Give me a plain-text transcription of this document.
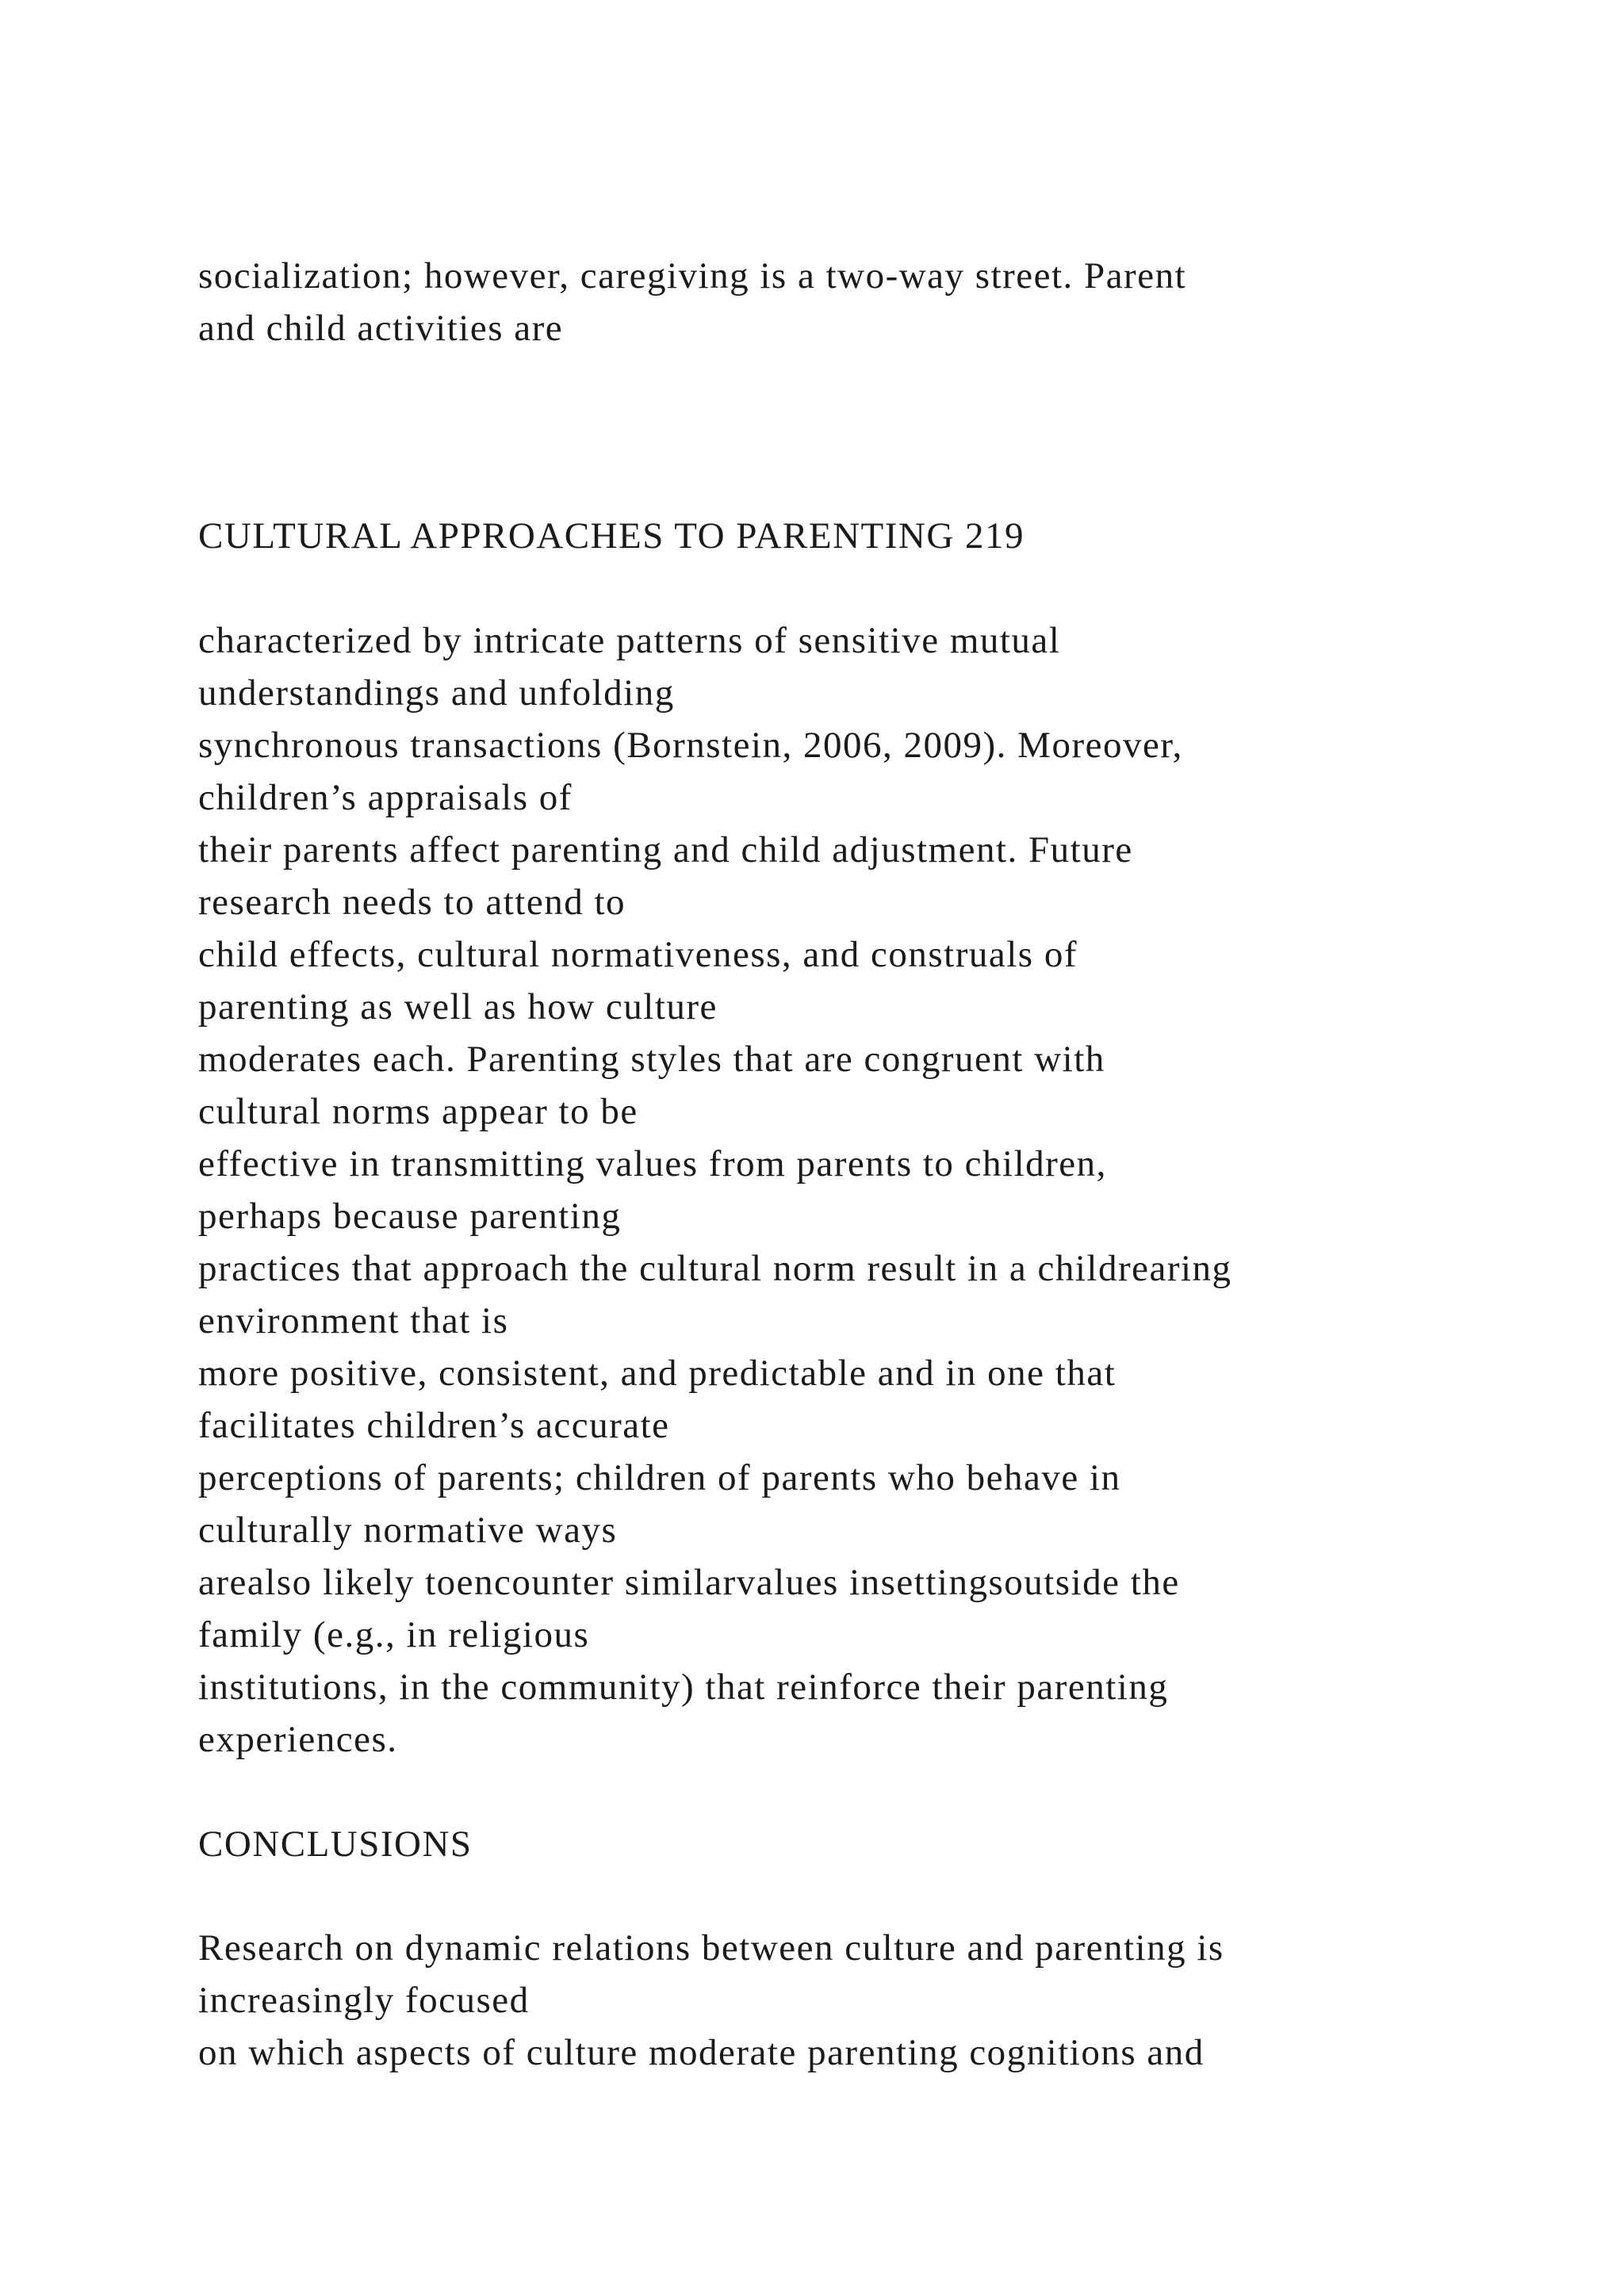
socialization; however, caregiving is a two-way street. Parent
and child activities are
CULTURAL APPROACHES TO PARENTING 219
characterized by intricate patterns of sensitive mutual
understandings and unfolding
synchronous transactions (Bornstein, 2006, 2009). Moreover,
children’s appraisals of
their parents affect parenting and child adjustment. Future
research needs to attend to
child effects, cultural normativeness, and construals of
parenting as well as how culture
moderates each. Parenting styles that are congruent with
cultural norms appear to be
effective in transmitting values from parents to children,
perhaps because parenting
practices that approach the cultural norm result in a childrearing
environment that is
more positive, consistent, and predictable and in one that
facilitates children’s accurate
perceptions of parents; children of parents who behave in
culturally normative ways
arealso likely toencounter similarvalues insettingsoutside the
family (e.g., in religious
institutions, in the community) that reinforce their parenting
experiences.
CONCLUSIONS
Research on dynamic relations between culture and parenting is
increasingly focused
on which aspects of culture moderate parenting cognitions and
